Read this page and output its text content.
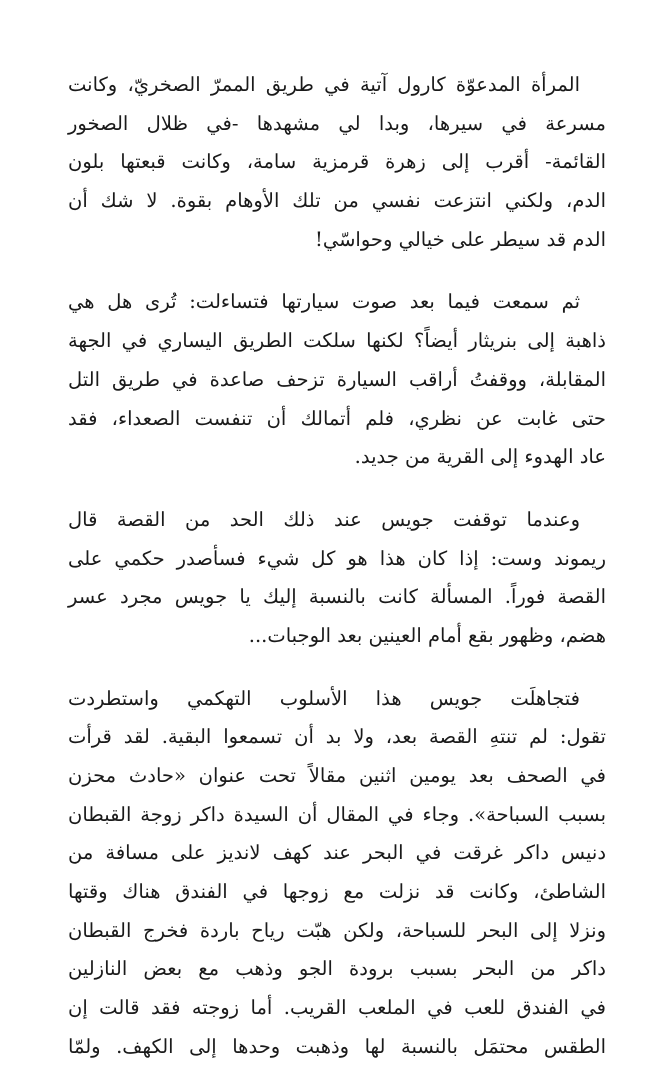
المرأة المدعوّة كارول آتية في طريق الممرّ الصخريّ، وكانت
مسرعة في سيرها، وبدا لي مشهدها -في ظلال الصخور
القائمة- أقرب إلى زهرة قرمزية سامة، وكانت قبعتها بلون
الدم، ولكني انتزعت نفسي من تلك الأوهام بقوة. لا شك أن
الدم قد سيطر على خيالي وحواسّي!

ثم سمعت فيما بعد صوت سيارتها فتساءلت: تُرى هل هي
ذاهبة إلى بنريثار أيضاً؟ لكنها سلكت الطريق اليساري في الجهة
المقابلة، ووقفتُ أراقب السيارة تزحف صاعدة في طريق التل
حتى غابت عن نظري، فلم أتمالك أن تنفست الصعداء، فقد
عاد الهدوء إلى القرية من جديد.

وعندما توقفت جويس عند ذلك الحد من القصة قال
ريموند وست: إذا كان هذا هو كل شيء فسأصدر حكمي على
القصة فوراً. المسألة كانت بالنسبة إليك يا جويس مجرد عسر
هضم، وظهور بقع أمام العينين بعد الوجبات...

فتجاهلَت جويس هذا الأسلوب التهكمي واستطردت
تقول: لم تنتهِ القصة بعد، ولا بد أن تسمعوا البقية. لقد قرأت
في الصحف بعد يومين اثنين مقالاً تحت عنوان «حادث محزن
بسبب السباحة». وجاء في المقال أن السيدة داكر زوجة القبطان
دنيس داكر غرقت في البحر عند كهف لانديز على مسافة من
الشاطئ، وكانت قد نزلت مع زوجها في الفندق هناك وقتها
ونزلا إلى البحر للسباحة، ولكن هبّت رياح باردة فخرج القبطان
داكر من البحر بسبب برودة الجو وذهب مع بعض النازلين
في الفندق للعب في الملعب القريب. أما زوجته فقد قالت إن
الطقس محتمَل بالنسبة لها وذهبت وحدها إلى الكهف. ولمّا
